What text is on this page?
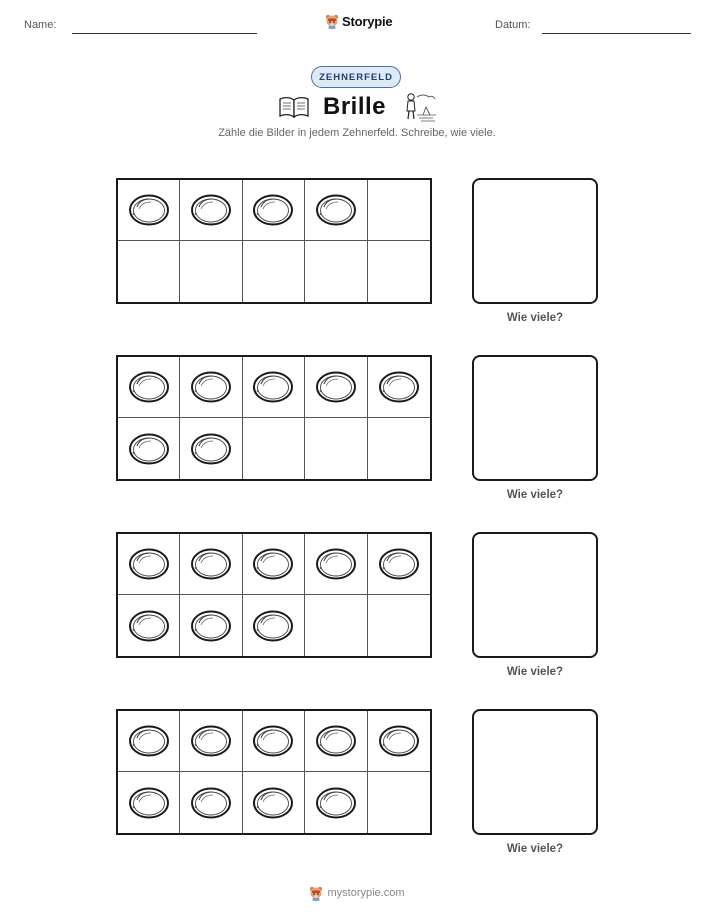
Name:	Storypie	Datum:
ZEHNERFELD
Brille
Zähle die Bilder in jedem Zehnerfeld. Schreibe, wie viele.
Wie viele?
Wie viele?
Wie viele?
Wie viele?
mystorypie.com
